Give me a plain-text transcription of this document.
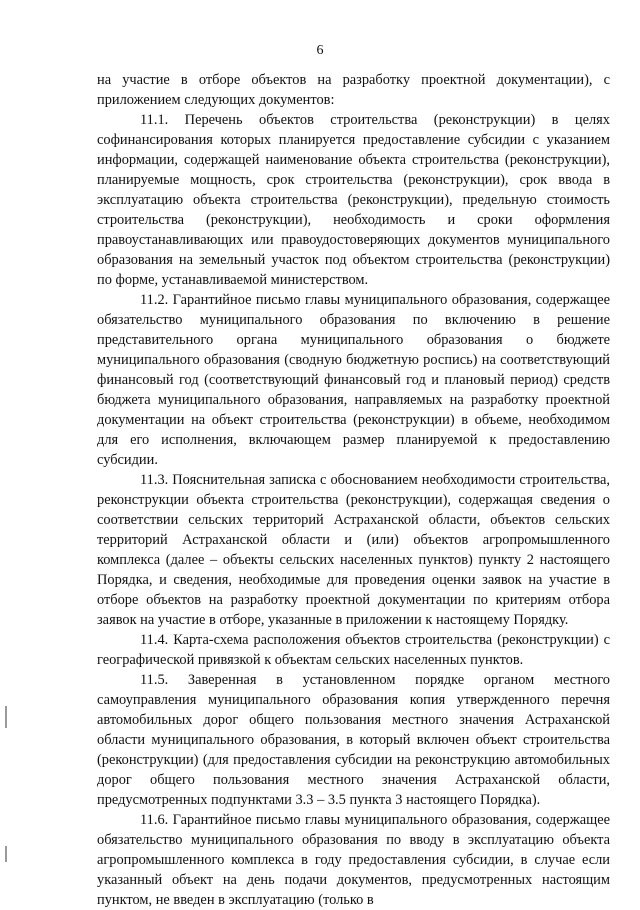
6

на участие в отборе объектов на разработку проектной документации), с приложением следующих документов:

11.1. Перечень объектов строительства (реконструкции) в целях софинансирования которых планируется предоставление субсидии с указанием информации, содержащей наименование объекта строительства (реконструкции), планируемые мощность, срок строительства (реконструкции), срок ввода в эксплуатацию объекта строительства (реконструкции), предельную стоимость строительства (реконструкции), необходимость и сроки оформления правоустанавливающих или правоудостоверяющих документов муниципального образования на земельный участок под объектом строительства (реконструкции) по форме, устанавливаемой министерством.

11.2. Гарантийное письмо главы муниципального образования, содержащее обязательство муниципального образования по включению в решение представительного органа муниципального образования о бюджете муниципального образования (сводную бюджетную роспись) на соответствующий финансовый год (соответствующий финансовый год и плановый период) средств бюджета муниципального образования, направляемых на разработку проектной документации на объект строительства (реконструкции) в объеме, необходимом для его исполнения, включающем размер планируемой к предоставлению субсидии.

11.3. Пояснительная записка с обоснованием необходимости строительства, реконструкции объекта строительства (реконструкции), содержащая сведения о соответствии сельских территорий Астраханской области, объектов сельских территорий Астраханской области и (или) объектов агропромышленного комплекса (далее – объекты сельских населенных пунктов) пункту 2 настоящего Порядка, и сведения, необходимые для проведения оценки заявок на участие в отборе объектов на разработку проектной документации по критериям отбора заявок на участие в отборе, указанные в приложении к настоящему Порядку.

11.4. Карта-схема расположения объектов строительства (реконструкции) с географической привязкой к объектам сельских населенных пунктов.

11.5. Заверенная в установленном порядке органом местного самоуправления муниципального образования копия утвержденного перечня автомобильных дорог общего пользования местного значения Астраханской области муниципального образования, в который включен объект строительства (реконструкции) (для предоставления субсидии на реконструкцию автомобильных дорог общего пользования местного значения Астраханской области, предусмотренных подпунктами 3.3 – 3.5 пункта 3 настоящего Порядка).

11.6. Гарантийное письмо главы муниципального образования, содержащее обязательство муниципального образования по вводу в эксплуатацию объекта агропромышленного комплекса в году предоставления субсидии, в случае если указанный объект на день подачи документов, предусмотренных настоящим пунктом, не введен в эксплуатацию (только в
